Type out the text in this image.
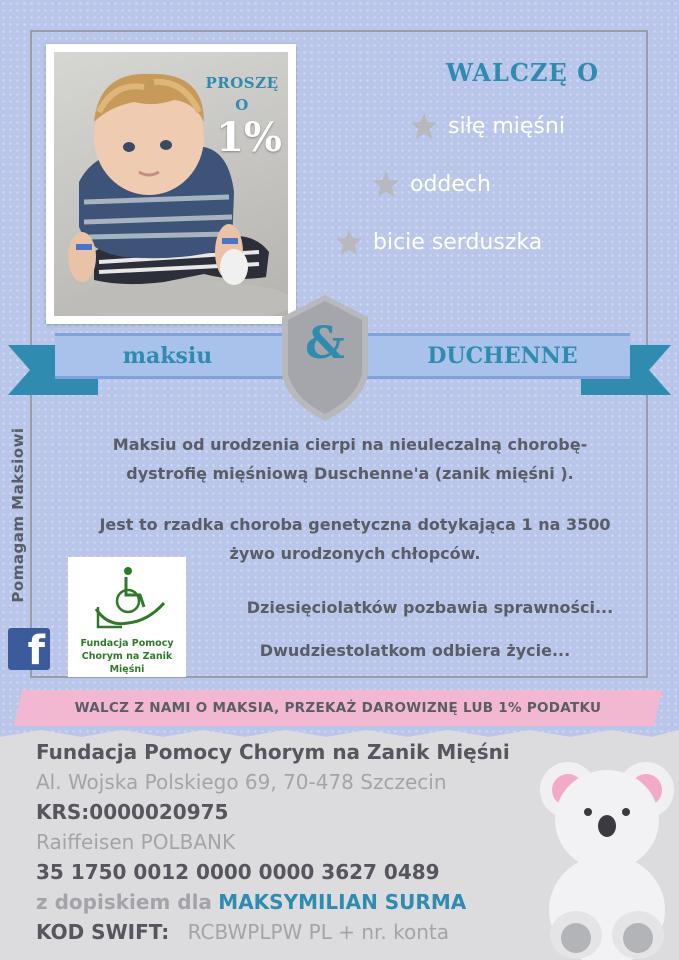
PROSZĘ
O
1%
WALCZĘ O
siłę mięśni
oddech
bicie serduszka
maksiu	DUCHENNE
&
Maksiu od urodzenia cierpi na nieuleczalną chorobę-
dystrofię mięśniową Duschenne'a (zanik mięśni ).
Jest to rzadka choroba genetyczna dotykająca 1 na 3500
żywo urodzonych chłopców.
Dziesięciolatków pozbawia sprawności...
Dwudziestolatkom odbiera życie...
Pomagam Maksiowi
f	Fundacja Pomocy
Chorym na Zanik Mięśni
WALCZ Z NAMI O MAKSIA, PRZEKAŻ DAROWIZNĘ LUB 1% PODATKU
Fundacja Pomocy Chorym na Zanik Mięśni
Al. Wojska Polskiego 69, 70-478 Szczecin
KRS:0000020975
Raiffeisen POLBANK
35 1750 0012 0000 0000 3627 0489
z dopiskiem dla MAKSYMILIAN SURMA
KOD SWIFT: RCBWPLPW PL + nr. konta
